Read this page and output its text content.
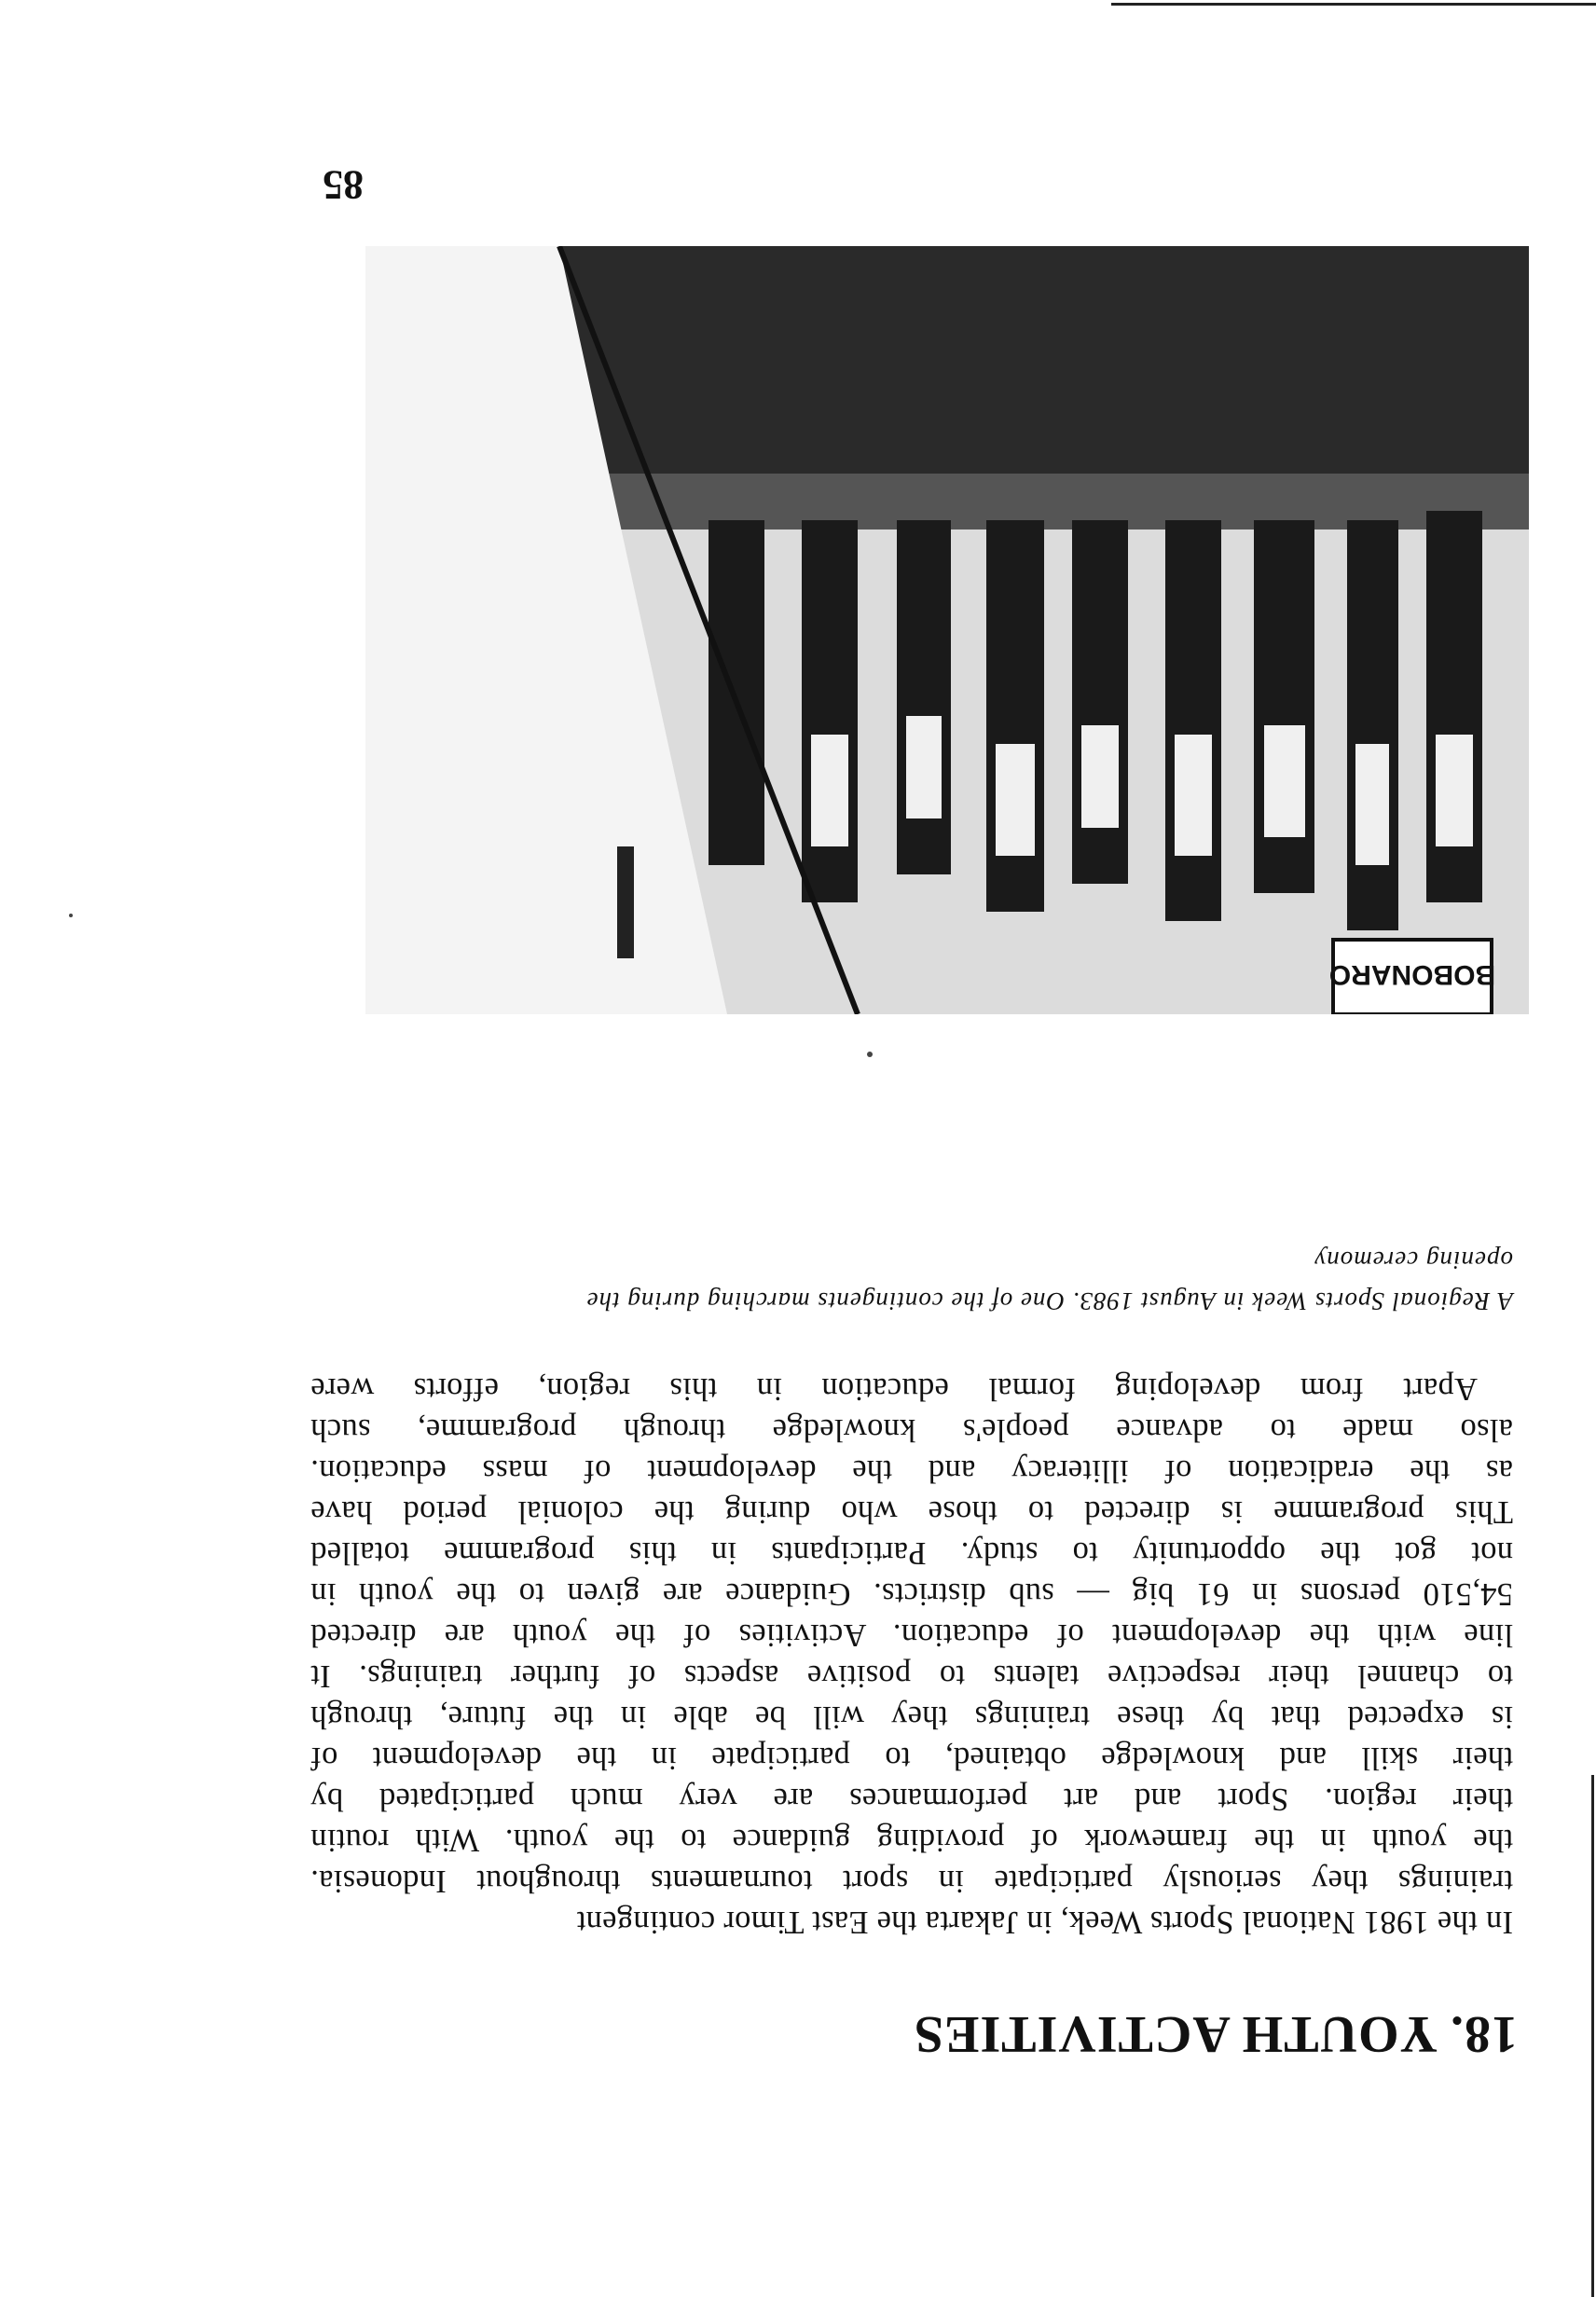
85
BOBONARO

A Regional Sports Week in August 1983. One of the contingents marching during the

opening ceremony

In the 1981 National Sports Week, in Jakarta the East Timor contingent
trainings they seriously participate in sport tournaments throughout Indonesia.
the youth in the framework of providing guidance to the youth. With routin
their region. Sport and art performances are very much participated by
their skill and knowledge obtained, to participate in the development of
is expected that by these trainings they will be able in the future, through
to channel their respective talents to positive aspects of further trainings. It
line with the development of education. Activities of the youth are directed
54,510 persons in 61 big — sub districts. Guidance are given to the youth in
not got the opportunity to study. Participants in this programme totalled
This programme is directed to those who during the colonial period have
as the eradication of illiteracy and the development of mass education.
also made to advance people's knowledge through programme, such
Apart from developing formal education in this region, efforts were
18. YOUTH ACTIVITIES
